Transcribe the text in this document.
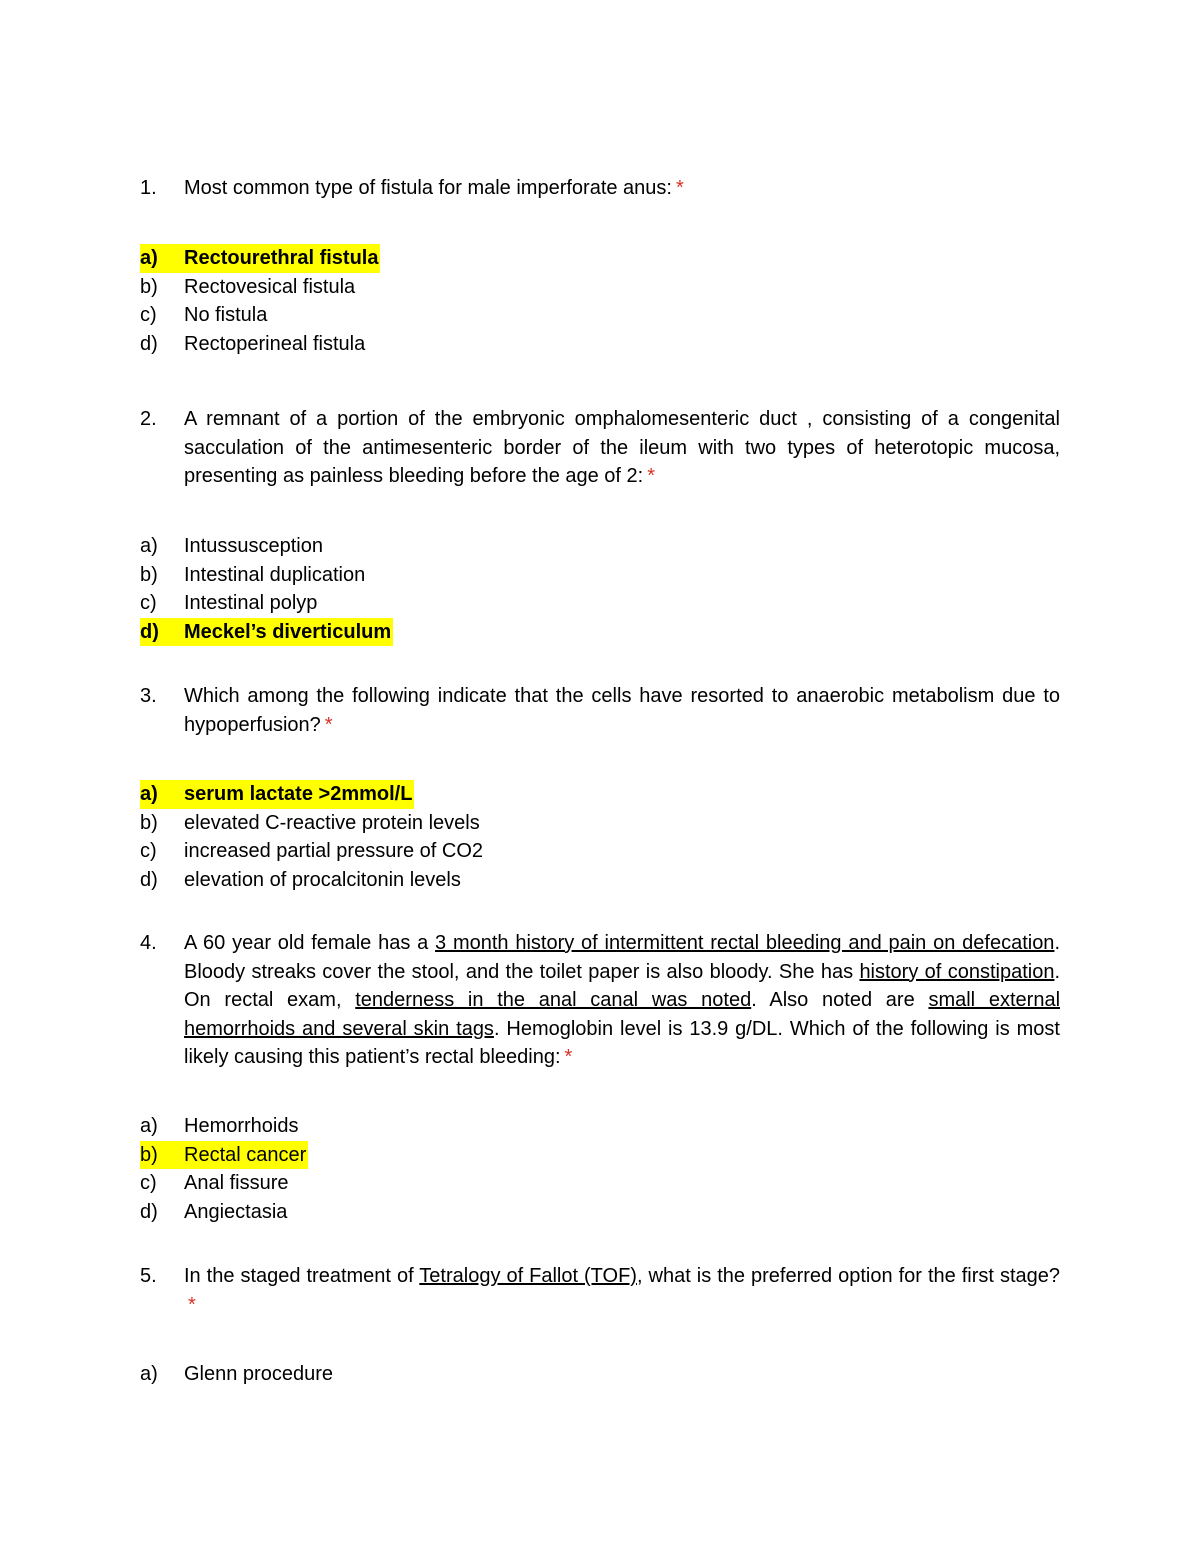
1.	Most common type of fistula for male imperforate anus: *
a) Rectourethral fistula
b) Rectovesical fistula
c) No fistula
d) Rectoperineal fistula
2.	A remnant of a portion of the embryonic omphalomesenteric duct , consisting of a congenital sacculation of the antimesenteric border of the ileum with two types of heterotopic mucosa, presenting as painless bleeding before the age of 2: *
a) Intussusception
b) Intestinal duplication
c) Intestinal polyp
d) Meckel’s diverticulum
3.	Which among the following indicate that the cells have resorted to anaerobic metabolism due to hypoperfusion? *
a) serum lactate >2mmol/L
b) elevated C-reactive protein levels
c) increased partial pressure of CO2
d) elevation of procalcitonin levels
4.	A 60 year old female has a 3 month history of intermittent rectal bleeding and pain on defecation. Bloody streaks cover the stool, and the toilet paper is also bloody. She has history of constipation. On rectal exam, tenderness in the anal canal was noted. Also noted are small external hemorrhoids and several skin tags. Hemoglobin level is 13.9 g/DL. Which of the following is most likely causing this patient’s rectal bleeding: *
a) Hemorrhoids
b) Rectal cancer
c) Anal fissure
d) Angiectasia
5.	In the staged treatment of Tetralogy of Fallot (TOF), what is the preferred option for the first stage?*
a) Glenn procedure
